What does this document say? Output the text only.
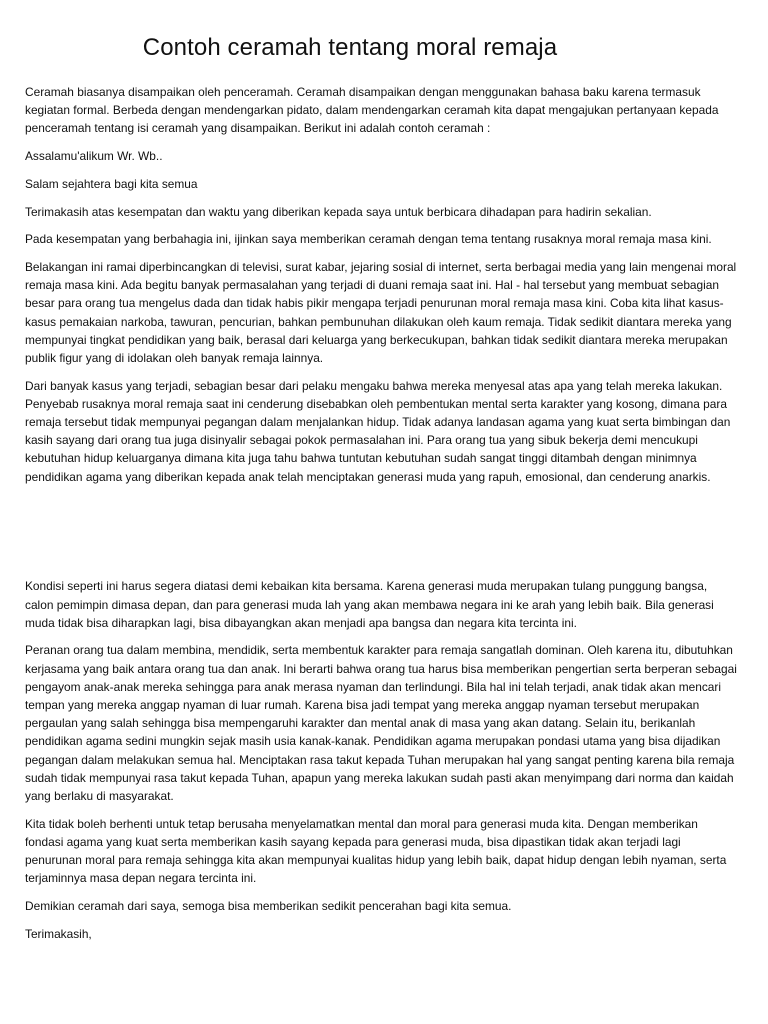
Contoh ceramah tentang moral remaja

Ceramah biasanya disampaikan oleh penceramah. Ceramah disampaikan dengan menggunakan bahasa baku karena termasuk kegiatan formal. Berbeda dengan mendengarkan pidato, dalam mendengarkan ceramah kita dapat mengajukan pertanyaan kepada penceramah tentang isi ceramah yang disampaikan. Berikut ini adalah contoh ceramah :

Assalamu'alikum Wr. Wb..

Salam sejahtera bagi kita semua

Terimakasih atas kesempatan dan waktu yang diberikan kepada saya untuk berbicara dihadapan para hadirin sekalian.

Pada kesempatan yang berbahagia ini, ijinkan saya memberikan ceramah dengan tema tentang rusaknya moral remaja masa kini.

Belakangan ini ramai diperbincangkan di televisi, surat kabar, jejaring sosial di internet, serta berbagai media yang lain mengenai moral remaja masa kini. Ada begitu banyak permasalahan yang terjadi di duani remaja saat ini. Hal - hal tersebut yang membuat sebagian besar para orang tua mengelus dada dan tidak habis pikir mengapa terjadi penurunan moral remaja masa kini. Coba kita lihat kasus-kasus pemakaian narkoba, tawuran, pencurian, bahkan pembunuhan dilakukan oleh kaum remaja. Tidak sedikit diantara mereka yang mempunyai tingkat pendidikan yang baik, berasal dari keluarga yang berkecukupan, bahkan tidak sedikit diantara mereka merupakan publik figur yang di idolakan oleh banyak remaja lainnya.

Dari banyak kasus yang terjadi, sebagian besar dari pelaku mengaku bahwa mereka menyesal atas apa yang telah mereka lakukan. Penyebab rusaknya moral remaja saat ini cenderung disebabkan oleh pembentukan mental serta karakter yang kosong, dimana para remaja tersebut tidak mempunyai pegangan dalam menjalankan hidup. Tidak adanya landasan agama yang kuat serta bimbingan dan kasih sayang dari orang tua juga disinyalir sebagai pokok permasalahan ini. Para orang tua yang sibuk bekerja demi mencukupi kebutuhan hidup keluarganya dimana kita juga tahu bahwa tuntutan kebutuhan sudah sangat tinggi ditambah dengan minimnya pendidikan agama yang diberikan kepada anak telah menciptakan generasi muda yang rapuh, emosional, dan cenderung anarkis.

Kondisi seperti ini harus segera diatasi demi kebaikan kita bersama. Karena generasi muda merupakan tulang punggung bangsa, calon pemimpin dimasa depan, dan para generasi muda lah yang akan membawa negara ini ke arah yang lebih baik. Bila generasi muda tidak bisa diharapkan lagi, bisa dibayangkan akan menjadi apa bangsa dan negara kita tercinta ini.

Peranan orang tua dalam membina, mendidik, serta membentuk karakter para remaja sangatlah dominan. Oleh karena itu, dibutuhkan kerjasama yang baik antara orang tua dan anak. Ini berarti bahwa orang tua harus bisa memberikan pengertian serta berperan sebagai pengayom anak-anak mereka sehingga para anak merasa nyaman dan terlindungi. Bila hal ini telah terjadi, anak tidak akan mencari tempan yang mereka anggap nyaman di luar rumah. Karena bisa jadi tempat yang mereka anggap nyaman tersebut merupakan pergaulan yang salah sehingga bisa mempengaruhi karakter dan mental anak di masa yang akan datang. Selain itu, berikanlah pendidikan agama sedini mungkin sejak masih usia kanak-kanak. Pendidikan agama merupakan pondasi utama yang bisa dijadikan pegangan dalam melakukan semua hal. Menciptakan rasa takut kepada Tuhan merupakan hal yang sangat penting karena bila remaja sudah tidak mempunyai rasa takut kepada Tuhan, apapun yang mereka lakukan sudah pasti akan menyimpang dari norma dan kaidah yang berlaku di masyarakat.

Kita tidak boleh berhenti untuk tetap berusaha menyelamatkan mental dan moral para generasi muda kita. Dengan memberikan fondasi agama yang kuat serta memberikan kasih sayang kepada para generasi muda, bisa dipastikan tidak akan terjadi lagi penurunan moral para remaja sehingga kita akan mempunyai kualitas hidup yang lebih baik, dapat hidup dengan lebih nyaman, serta terjaminnya masa depan negara tercinta ini.

Demikian ceramah dari saya, semoga bisa memberikan sedikit pencerahan bagi kita semua.

Terimakasih,
